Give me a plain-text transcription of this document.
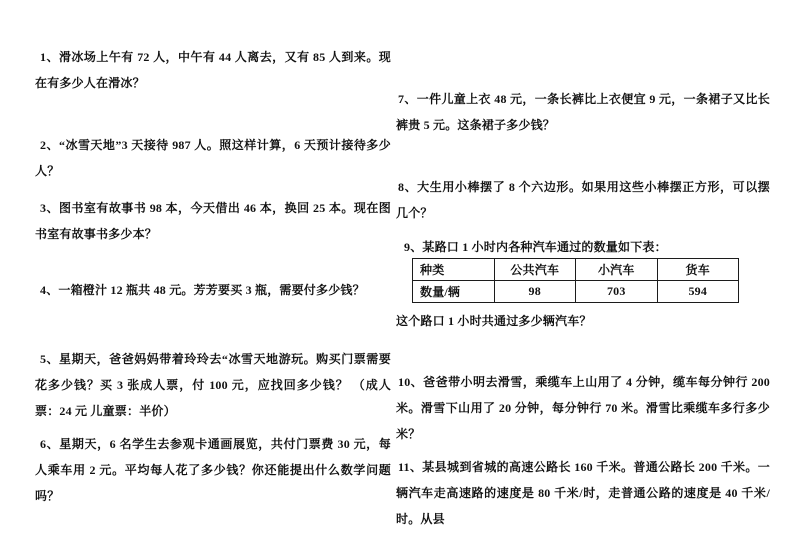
1、滑冰场上午有 72 人，中午有 44 人离去，又有 85 人到来。现在有多少人在滑冰？

2、“冰雪天地”3 天接待 987 人。照这样计算，6 天预计接待多少人？

3、图书室有故事书 98 本，今天借出 46 本，换回 25 本。现在图书室有故事书多少本？

4、一箱橙汁 12 瓶共 48 元。芳芳要买 3 瓶，需要付多少钱？

5、星期天，爸爸妈妈带着玲玲去“冰雪天地游玩。购买门票需要花多少钱？买 3 张成人票，付 100 元，应找回多少钱？ （成人票：24 元 儿童票：半价）

6、星期天，6 名学生去参观卡通画展览，共付门票费 30 元，每人乘车用 2 元。平均每人花了多少钱？你还能提出什么数学问题吗？

7、一件儿童上衣 48 元，一条长裤比上衣便宜 9 元，一条裙子又比长裤贵 5 元。这条裙子多少钱？

8、大生用小棒摆了 8 个六边形。如果用这些小棒摆正方形，可以摆几个？

9、某路口 1 小时内各种汽车通过的数量如下表：

种类	公共汽车	小汽车	货车
数量/辆	98	703	594

这个路口 1 小时共通过多少辆汽车？

10、爸爸带小明去滑雪，乘缆车上山用了 4 分钟，缆车每分钟行 200 米。滑雪下山用了 20 分钟，每分钟行 70 米。滑雪比乘缆车多行多少米？

11、某县城到省城的高速公路长 160 千米。普通公路长 200 千米。一辆汽车走高速路的速度是 80 千米/时，走普通公路的速度是 40 千米/时。从县
